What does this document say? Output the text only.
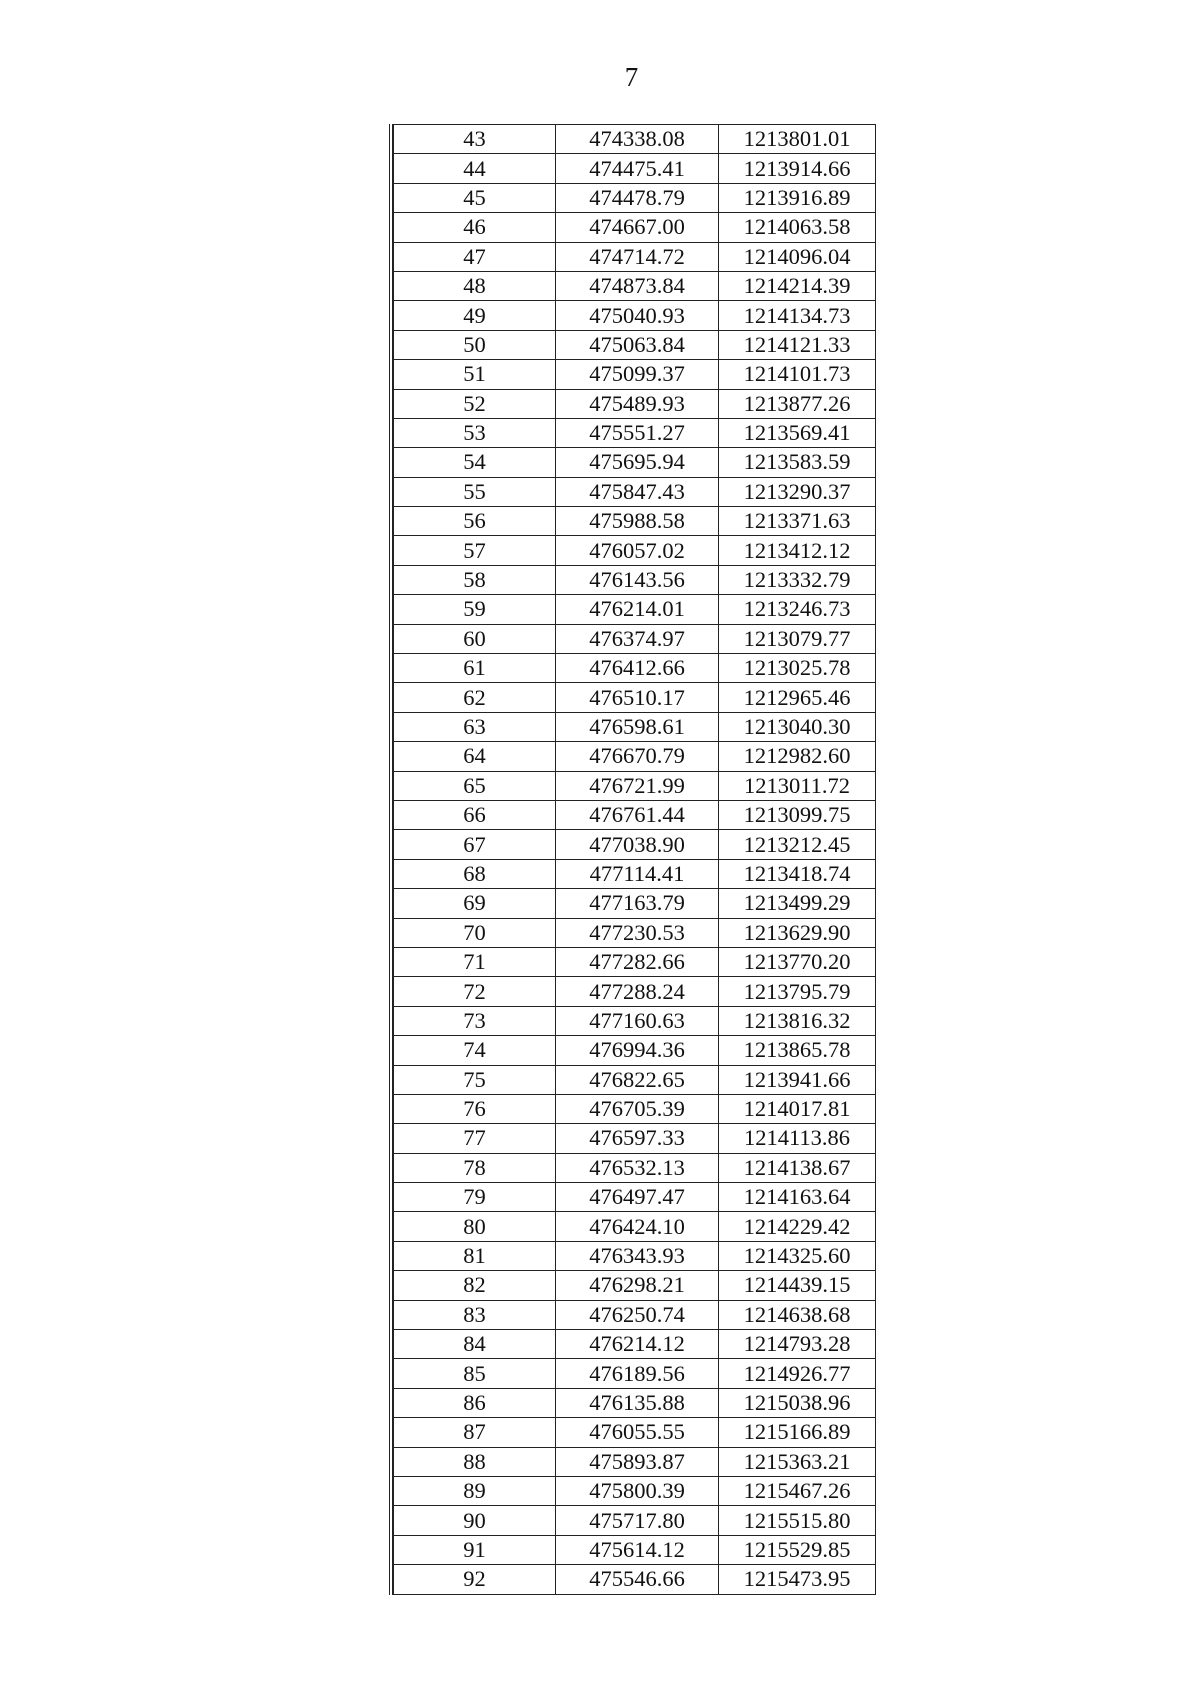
7
43	474338.08	1213801.01
44	474475.41	1213914.66
45	474478.79	1213916.89
46	474667.00	1214063.58
47	474714.72	1214096.04
48	474873.84	1214214.39
49	475040.93	1214134.73
50	475063.84	1214121.33
51	475099.37	1214101.73
52	475489.93	1213877.26
53	475551.27	1213569.41
54	475695.94	1213583.59
55	475847.43	1213290.37
56	475988.58	1213371.63
57	476057.02	1213412.12
58	476143.56	1213332.79
59	476214.01	1213246.73
60	476374.97	1213079.77
61	476412.66	1213025.78
62	476510.17	1212965.46
63	476598.61	1213040.30
64	476670.79	1212982.60
65	476721.99	1213011.72
66	476761.44	1213099.75
67	477038.90	1213212.45
68	477114.41	1213418.74
69	477163.79	1213499.29
70	477230.53	1213629.90
71	477282.66	1213770.20
72	477288.24	1213795.79
73	477160.63	1213816.32
74	476994.36	1213865.78
75	476822.65	1213941.66
76	476705.39	1214017.81
77	476597.33	1214113.86
78	476532.13	1214138.67
79	476497.47	1214163.64
80	476424.10	1214229.42
81	476343.93	1214325.60
82	476298.21	1214439.15
83	476250.74	1214638.68
84	476214.12	1214793.28
85	476189.56	1214926.77
86	476135.88	1215038.96
87	476055.55	1215166.89
88	475893.87	1215363.21
89	475800.39	1215467.26
90	475717.80	1215515.80
91	475614.12	1215529.85
92	475546.66	1215473.95
